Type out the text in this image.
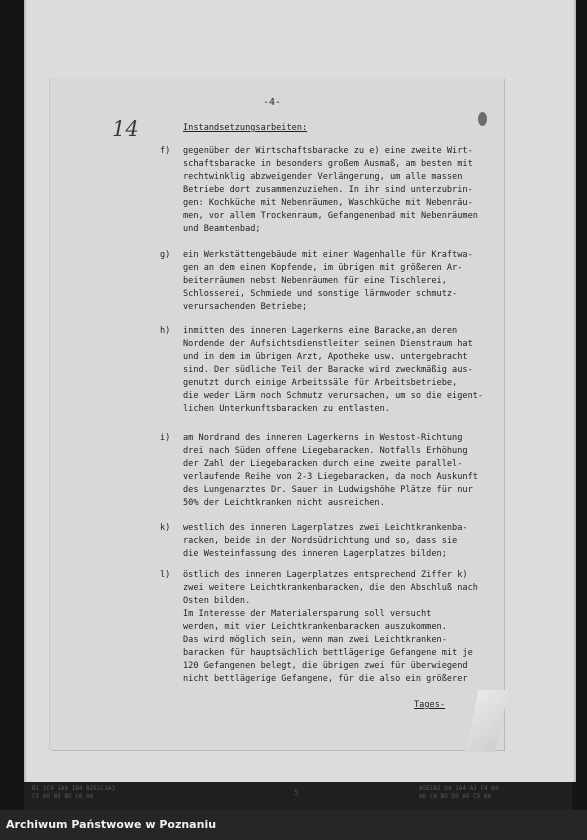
-4-
14	Instandsetzungsarbeiten:
f) gegenüber der Wirtschaftsbaracke zu e) eine zweite Wirt-
schaftsbaracke in besonders großem Ausmaß, am besten mit
rechtwinklig abzweigender Verlängerung, um alle massen
Betriebe dort zusammenzuziehen. In ihr sind unterzubrin-
gen: Kochküche mit Nebenräumen, Waschküche mit Nebenräu-
men, vor allem Trockenraum, Gefangenenbad mit Nebenräumen
und Beamtenbad;
g) ein Werkstättengebäude mit einer Wagenhalle für Kraftwa-
gen an dem einen Kopfende, im übrigen mit größeren Ar-
beiterräumen nebst Nebenräumen für eine Tischlerei,
Schlosserei, Schmiede und sonstige lärmwoder schmutz-
verursachenden Betriebe;
h) inmitten des inneren Lagerkerns eine Baracke,an deren
Nordende der Aufsichtsdienstleiter seinen Dienstraum hat
und in dem im übrigen Arzt, Apotheke usw. untergebracht
sind. Der südliche Teil der Baracke wird zweckmäßig aus-
genutzt durch einige Arbeitssäle für Arbeitsbetriebe,
die weder Lärm noch Schmutz verursachen, um so die eigent-
lichen Unterkunftsbaracken zu entlasten.
i) am Nordrand des inneren Lagerkerns in Westost-Richtung
drei nach Süden offene Liegebaracken. Notfalls Erhöhung
der Zahl der Liegebaracken durch eine zweite parallel-
verlaufende Reihe von 2-3 Liegebaracken, da noch Auskunft
des Lungenarztes Dr. Sauer in Ludwigshöhe Plätze für nur
50% der Leichtkranken nicht ausreichen.
k) westlich des inneren Lagerplatzes zwei Leichtkrankenba-
racken, beide in der Nordsüdrichtung und so, dass sie
die Westeinfassung des inneren Lagerplatzes bilden;
l) östlich des inneren Lagerplatzes entsprechend Ziffer k)
zwei weitere Leichtkrankenbaracken, die den Abschluß nach
Osten bilden.
Im Interesse der Materialersparung soll versucht
werden, mit vier Leichtkrankenbaracken auszukommen.
Das wird möglich sein, wenn man zwei Leichtkranken-
baracken für hauptsächlich bettlägerige Gefangene mit je
120 Gefangenen belegt, die übrigen zwei für überwiegend
nicht bettlägerige Gefangene, für die also ein größerer
Tages-
B1 1C4 1A4 1B4 B2E1C3A3
C5 A5 B5 B5 C6 A6	5	A5E1B2 D4 1A4 A3 C4 B4
A6 C6 B5 D5 A5 C5 B6
Archiwum Państwowe w Poznaniu
